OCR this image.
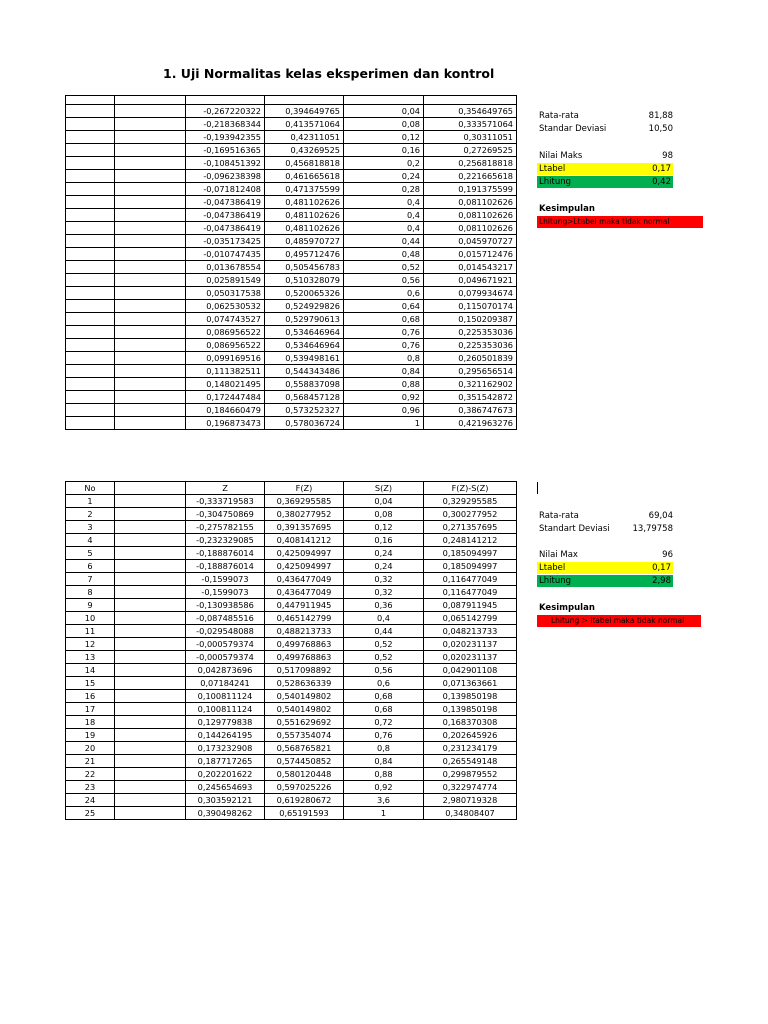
1. Uji Normalitas kelas eksperimen dan kontrol

		-0,267220322	0,394649765	0,04	0,354649765
		-0,218368344	0,413571064	0,08	0,333571064
		-0,193942355	0,42311051	0,12	0,30311051
		-0,169516365	0,43269525	0,16	0,27269525
		-0,108451392	0,456818818	0,2	0,256818818
		-0,096238398	0,461665618	0,24	0,221665618
		-0,071812408	0,471375599	0,28	0,191375599
		-0,047386419	0,481102626	0,4	0,081102626
		-0,047386419	0,481102626	0,4	0,081102626
		-0,047386419	0,481102626	0,4	0,081102626
		-0,035173425	0,485970727	0,44	0,045970727
		-0,010747435	0,495712476	0,48	0,015712476
		0,013678554	0,505456783	0,52	0,014543217
		0,025891549	0,510328079	0,56	0,049671921
		0,050317538	0,520065326	0,6	0,079934674
		0,062530532	0,524929826	0,64	0,115070174
		0,074743527	0,529790613	0,68	0,150209387
		0,086956522	0,534646964	0,76	0,225353036
		0,086956522	0,534646964	0,76	0,225353036
		0,099169516	0,539498161	0,8	0,260501839
		0,111382511	0,544343486	0,84	0,295656514
		0,148021495	0,558837098	0,88	0,321162902
		0,172447484	0,568457128	0,92	0,351542872
		0,184660479	0,573252327	0,96	0,386747673
		0,196873473	0,578036724	1	0,421963276
Rata-rata	81,88
Standar Deviasi	10,50
Nilai Maks	98
Ltabel	0,17
Lhitung	0,42
Kesimpulan
Lhitung>Ltabel maka tidak normal
No		Z	F(Z)	S(Z)	F(Z)-S(Z)
1		-0,333719583	0,369295585	0,04	0,329295585
2		-0,304750869	0,380277952	0,08	0,300277952
3		-0,275782155	0,391357695	0,12	0,271357695
4		-0,232329085	0,408141212	0,16	0,248141212
5		-0,188876014	0,425094997	0,24	0,185094997
6		-0,188876014	0,425094997	0,24	0,185094997
7		-0,1599073	0,436477049	0,32	0,116477049
8		-0,1599073	0,436477049	0,32	0,116477049
9		-0,130938586	0,447911945	0,36	0,087911945
10		-0,087485516	0,465142799	0,4	0,065142799
11		-0,029548088	0,488213733	0,44	0,048213733
12		-0,000579374	0,499768863	0,52	0,020231137
13		-0,000579374	0,499768863	0,52	0,020231137
14		0,042873696	0,517098892	0,56	0,042901108
15		0,07184241	0,528636339	0,6	0,071363661
16		0,100811124	0,540149802	0,68	0,139850198
17		0,100811124	0,540149802	0,68	0,139850198
18		0,129779838	0,551629692	0,72	0,168370308
19		0,144264195	0,557354074	0,76	0,202645926
20		0,173232908	0,568765821	0,8	0,231234179
21		0,187717265	0,574450852	0,84	0,265549148
22		0,202201622	0,580120448	0,88	0,299879552
23		0,245654693	0,597025226	0,92	0,322974774
24		0,303592121	0,619280672	3,6	2,980719328
25		0,390498262	0,65191593	1	0,34808407
Rata-rata	69,04
Standart Deviasi	13,79758
Nilai Max	96
Ltabel	0,17
Lhitung	2,98
Kesimpulan
Lhitung > ltabel maka tidak normal
